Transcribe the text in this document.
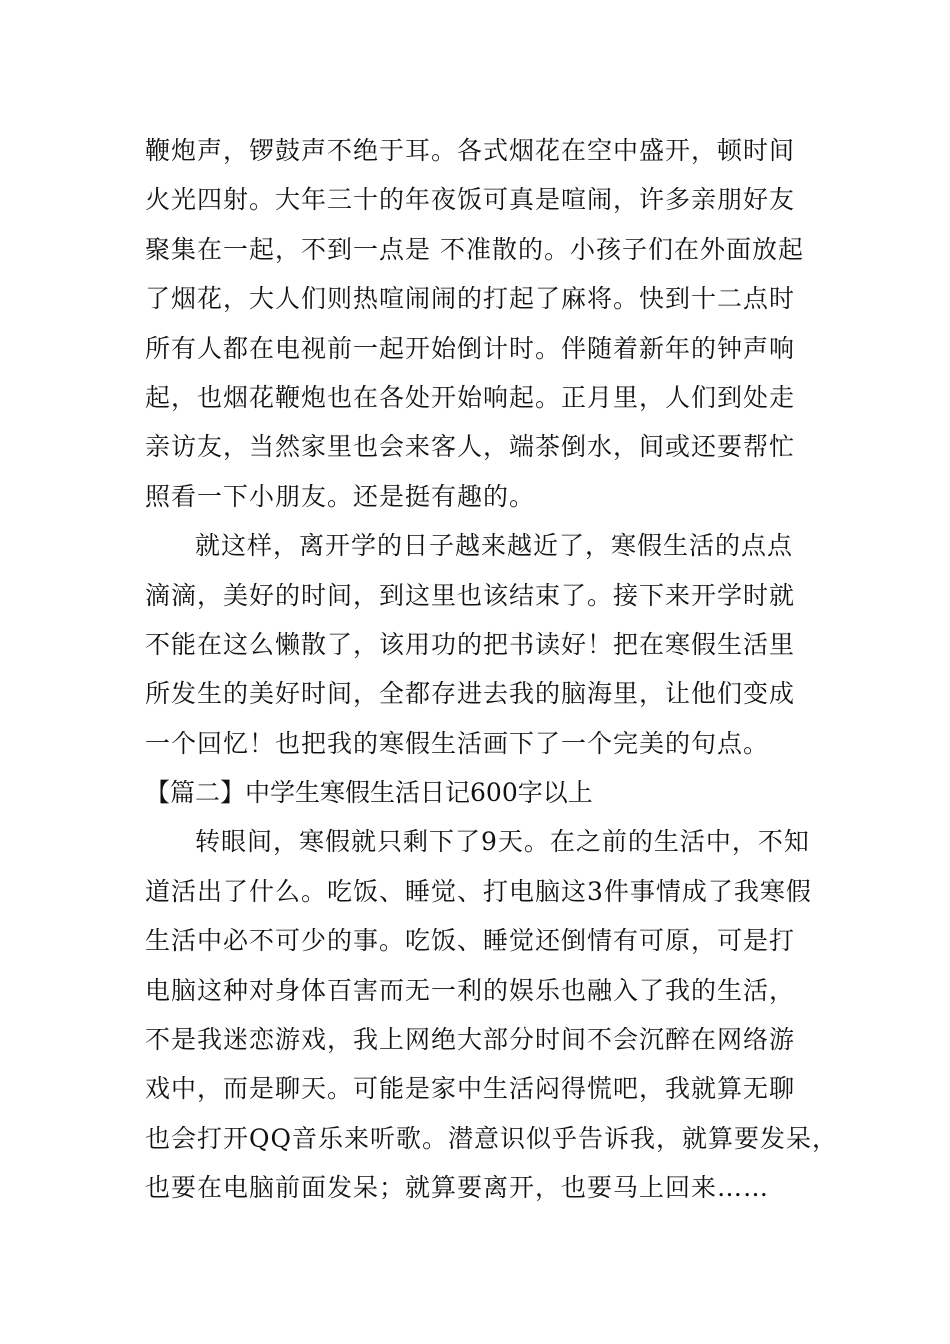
鞭炮声，锣鼓声不绝于耳。各式烟花在空中盛开，顿时间
火光四射。大年三十的年夜饭可真是喧闹，许多亲朋好友
聚集在一起，不到一点是 不准散的。小孩子们在外面放起
了烟花，大人们则热喧闹闹的打起了麻将。快到十二点时
所有人都在电视前一起开始倒计时。伴随着新年的钟声响
起，也烟花鞭炮也在各处开始响起。正月里，人们到处走
亲访友，当然家里也会来客人，端茶倒水，间或还要帮忙
照看一下小朋友。还是挺有趣的。
就这样，离开学的日子越来越近了，寒假生活的点点
滴滴，美好的时间，到这里也该结束了。接下来开学时就
不能在这么懒散了，该用功的把书读好！把在寒假生活里
所发生的美好时间，全都存进去我的脑海里，让他们变成
一个回忆！也把我的寒假生活画下了一个完美的句点。
【篇二】中学生寒假生活日记600字以上
转眼间，寒假就只剩下了9天。在之前的生活中，不知
道活出了什么。吃饭、睡觉、打电脑这3件事情成了我寒假
生活中必不可少的事。吃饭、睡觉还倒情有可原，可是打
电脑这种对身体百害而无一利的娱乐也融入了我的生活，
不是我迷恋游戏，我上网绝大部分时间不会沉醉在网络游
戏中，而是聊天。可能是家中生活闷得慌吧，我就算无聊
也会打开QQ音乐来听歌。潜意识似乎告诉我，就算要发呆，
也要在电脑前面发呆；就算要离开，也要马上回来……
